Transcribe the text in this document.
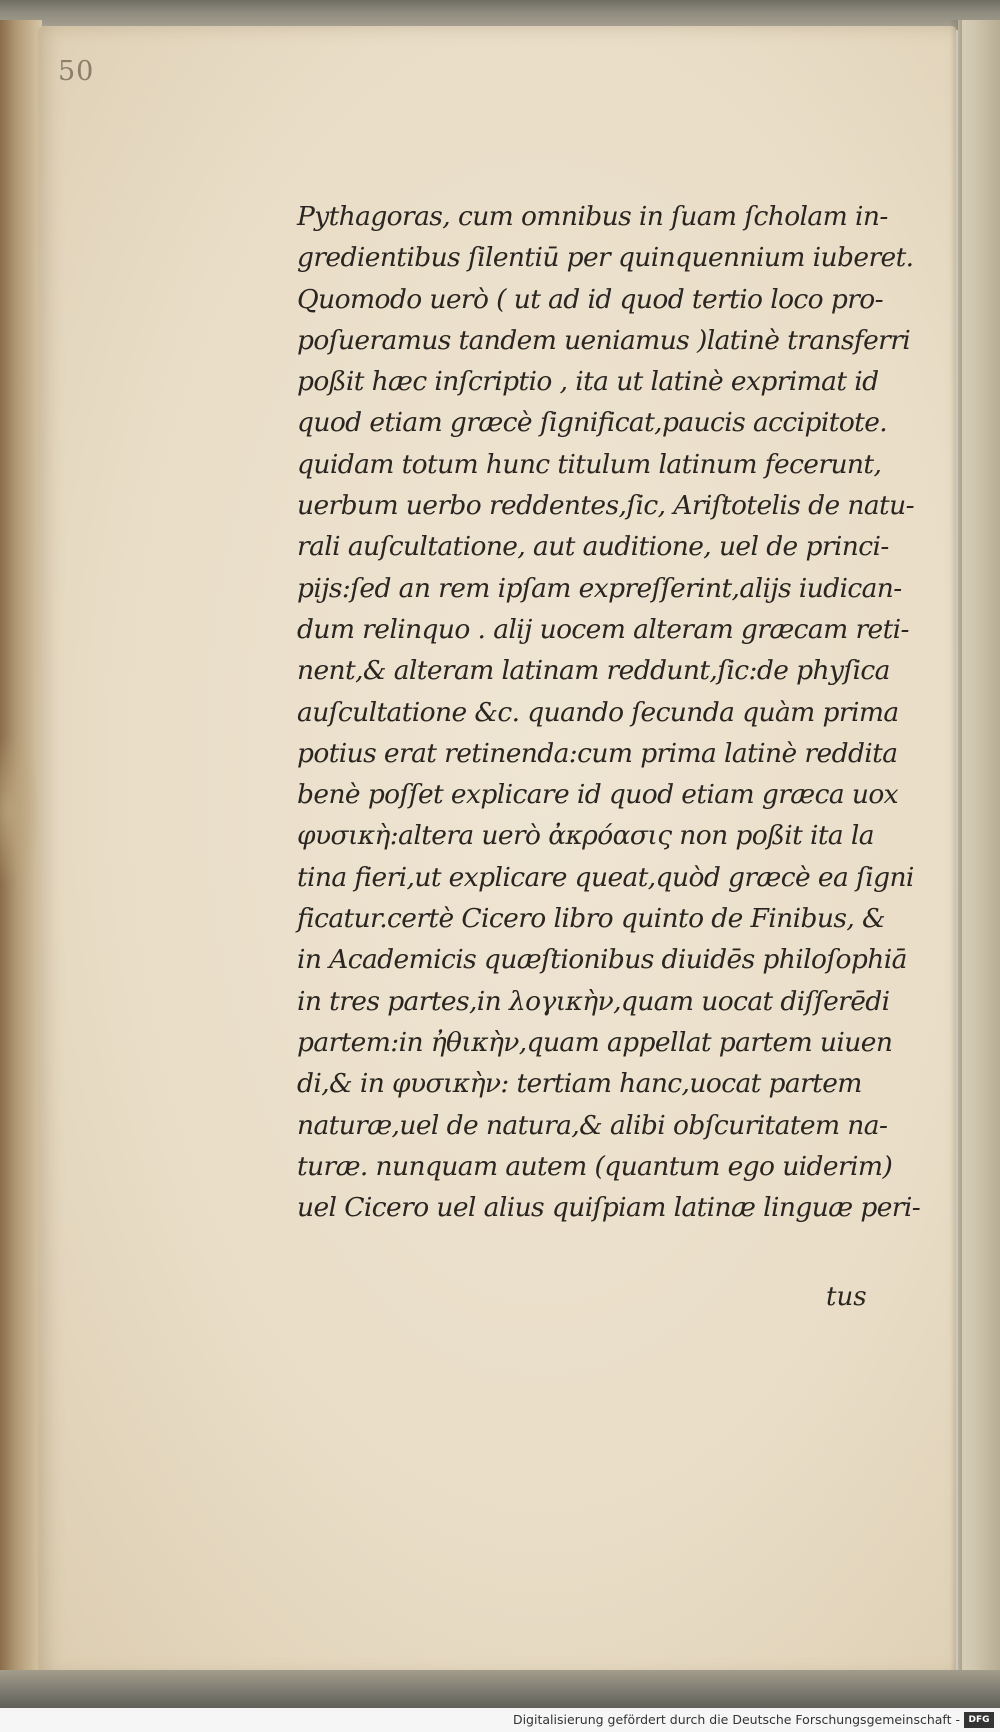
50
Pythagoras, cum omnibus in ſuam ſcholam in-
gredientibus ſilentiū per quinquennium iuberet.
Quomodo uerò ( ut ad id quod tertio loco pro-
poſueramus tandem ueniamus )latinè transferri
poßit hæc inſcriptio , ita ut latinè exprimat id
quod etiam græcè ſignificat,paucis accipitote.
quidam totum hunc titulum latinum fecerunt,
uerbum uerbo reddentes,ſic, Ariſtotelis de natu-
rali auſcultatione, aut auditione, uel de princi-
pijs:ſed an rem ipſam expreſſerint,alijs iudican-
dum relinquo . alij uocem alteram græcam reti-
nent,& alteram latinam reddunt,ſic:de phyſica
auſcultatione &c. quando ſecunda quàm prima
potius erat retinenda:cum prima latinè reddita
benè poſſet explicare id quod etiam græca uox
φυσικὴ:altera uerò ἀκρόασις non poßit ita la
tina fieri,ut explicare queat,quòd græcè ea ſigni
ficatur.certè Cicero libro quinto de Finibus, &
in Academicis quæſtionibus diuidēs philoſophiā
in tres partes,in λογικὴν,quam uocat diſſerēdi
partem:in ἠθικὴν,quam appellat partem uiuen
di,& in φυσικὴν: tertiam hanc,uocat partem
naturæ,uel de natura,& alibi obſcuritatem na-
turæ. nunquam autem (quantum ego uiderim)
uel Cicero uel alius quiſpiam latinæ linguæ peri-
tus
Digitalisierung gefördert durch die Deutsche Forschungsgemeinschaft - DFG
